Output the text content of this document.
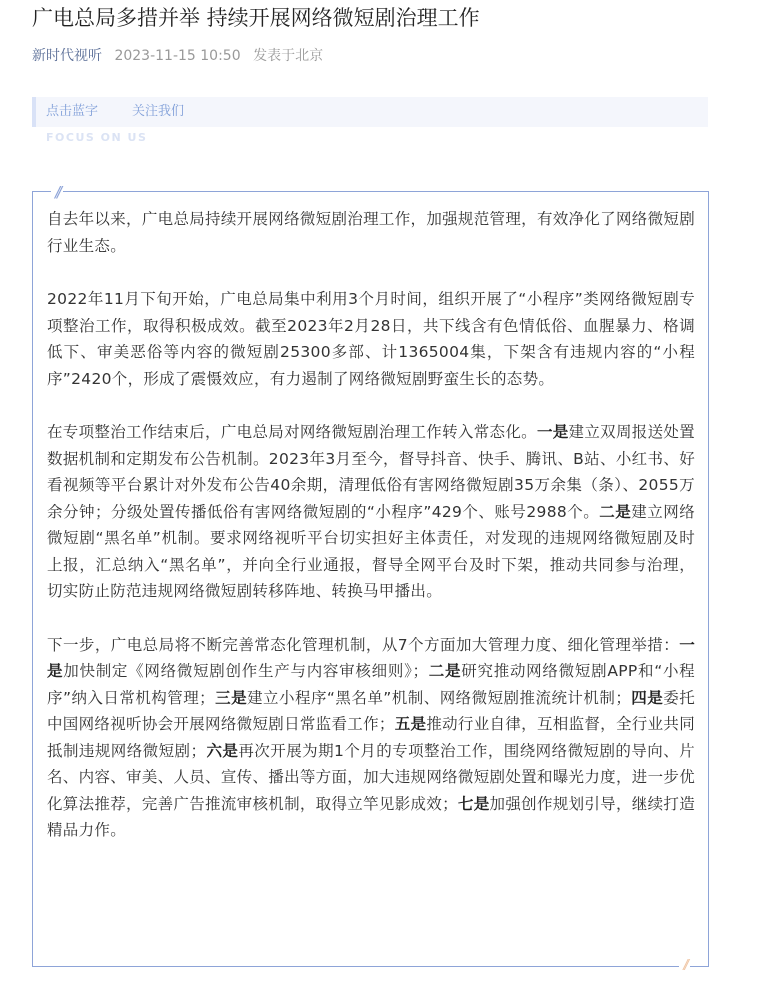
广电总局多措并举 持续开展网络微短剧治理工作
新时代视听 2023-11-15 10:50 发表于北京
点击蓝字	关注我们
FOCUS ON US
//

自去年以来，广电总局持续开展网络微短剧治理工作，加强规范管理，有效净化了网络微短剧行业生态。

2022年11月下旬开始，广电总局集中利用3个月时间，组织开展了“小程序”类网络微短剧专项整治工作，取得积极成效。截至2023年2月28日，共下线含有色情低俗、血腥暴力、格调低下、审美恶俗等内容的微短剧25300多部、计1365004集，下架含有违规内容的“小程序”2420个，形成了震慑效应，有力遏制了网络微短剧野蛮生长的态势。

在专项整治工作结束后，广电总局对网络微短剧治理工作转入常态化。一是建立双周报送处置数据机制和定期发布公告机制。2023年3月至今，督导抖音、快手、腾讯、B站、小红书、好看视频等平台累计对外发布公告40余期，清理低俗有害网络微短剧35万余集（条）、2055万余分钟；分级处置传播低俗有害网络微短剧的“小程序”429个、账号2988个。二是建立网络微短剧“黑名单”机制。要求网络视听平台切实担好主体责任，对发现的违规网络微短剧及时上报，汇总纳入“黑名单”，并向全行业通报，督导全网平台及时下架，推动共同参与治理，切实防止防范违规网络微短剧转移阵地、转换马甲播出。

下一步，广电总局将不断完善常态化管理机制，从7个方面加大管理力度、细化管理举措：一是加快制定《网络微短剧创作生产与内容审核细则》；二是研究推动网络微短剧APP和“小程序”纳入日常机构管理；三是建立小程序“黑名单”机制、网络微短剧推流统计机制；四是委托中国网络视听协会开展网络微短剧日常监看工作；五是推动行业自律，互相监督，全行业共同抵制违规网络微短剧；六是再次开展为期1个月的专项整治工作，围绕网络微短剧的导向、片名、内容、审美、人员、宣传、播出等方面，加大违规网络微短剧处置和曝光力度，进一步优化算法推荐，完善广告推流审核机制，取得立竿见影成效；七是加强创作规划引导，继续打造精品力作。

//
